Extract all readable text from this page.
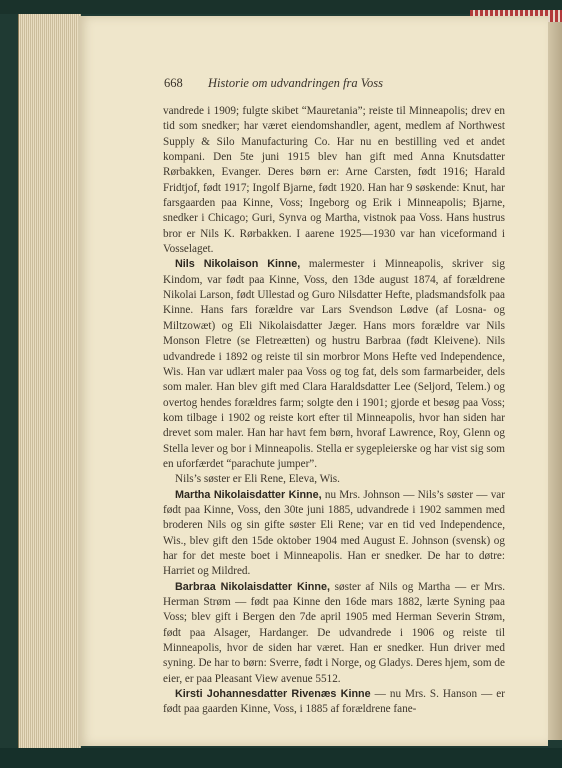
668 Historie om udvandringen fra Voss

vandrede i 1909; fulgte skibet “Mauretania”; reiste til Minneapolis; drev en tid som snedker; har været eiendomshandler, agent, medlem af Northwest Supply & Silo Manufacturing Co. Har nu en bestilling ved et andet kompani. Den 5te juni 1915 blev han gift med Anna Knutsdatter Rørbakken, Evanger. Deres børn er: Arne Carsten, født 1916; Harald Fridtjof, født 1917; Ingolf Bjarne, født 1920. Han har 9 søskende: Knut, har farsgaarden paa Kinne, Voss; Ingeborg og Erik i Minneapolis; Bjarne, snedker i Chicago; Guri, Synva og Martha, vistnok paa Voss. Hans hustrus bror er Nils K. Rørbakken. I aarene 1925—1930 var han viceformand i Vosselaget.

Nils Nikolaison Kinne, malermester i Minneapolis, skriver sig Kindom, var født paa Kinne, Voss, den 13de august 1874, af forældrene Nikolai Larson, født Ullestad og Guro Nilsdatter Hefte, pladsmandsfolk paa Kinne. Hans fars forældre var Lars Svendson Lødve (af Losna- og Miltzowæt) og Eli Nikolaisdatter Jæger. Hans mors forældre var Nils Monson Fletre (se Fletreætten) og hustru Barbraa (født Kleivene). Nils udvandrede i 1892 og reiste til sin morbror Mons Hefte ved Independence, Wis. Han var udlært maler paa Voss og tog fat, dels som farmarbeider, dels som maler. Han blev gift med Clara Haraldsdatter Lee (Seljord, Telem.) og overtog hendes forældres farm; solgte den i 1901; gjorde et besøg paa Voss; kom tilbage i 1902 og reiste kort efter til Minneapolis, hvor han siden har drevet som maler. Han har havt fem børn, hvoraf Lawrence, Roy, Glenn og Stella lever og bor i Minneapolis. Stella er sygepleierske og har vist sig som en uforfærdet “parachute jumper”.

Nils’s søster er Eli Rene, Eleva, Wis.

Martha Nikolaisdatter Kinne, nu Mrs. Johnson — Nils’s søster — var født paa Kinne, Voss, den 30te juni 1885, udvandrede i 1902 sammen med broderen Nils og sin gifte søster Eli Rene; var en tid ved Independence, Wis., blev gift den 15de oktober 1904 med August E. Johnson (svensk) og har for det meste boet i Minneapolis. Han er snedker. De har to døtre: Harriet og Mildred.

Barbraa Nikolaisdatter Kinne, søster af Nils og Martha — er Mrs. Herman Strøm — født paa Kinne den 16de mars 1882, lærte Syning paa Voss; blev gift i Bergen den 7de april 1905 med Herman Severin Strøm, født paa Alsager, Hardanger. De udvandrede i 1906 og reiste til Minneapolis, hvor de siden har været. Han er snedker. Hun driver med syning. De har to børn: Sverre, født i Norge, og Gladys. Deres hjem, som de eier, er paa Pleasant View avenue 5512.

Kirsti Johannesdatter Rivenæs Kinne — nu Mrs. S. Hanson — er født paa gaarden Kinne, Voss, i 1885 af forældrene fane-
